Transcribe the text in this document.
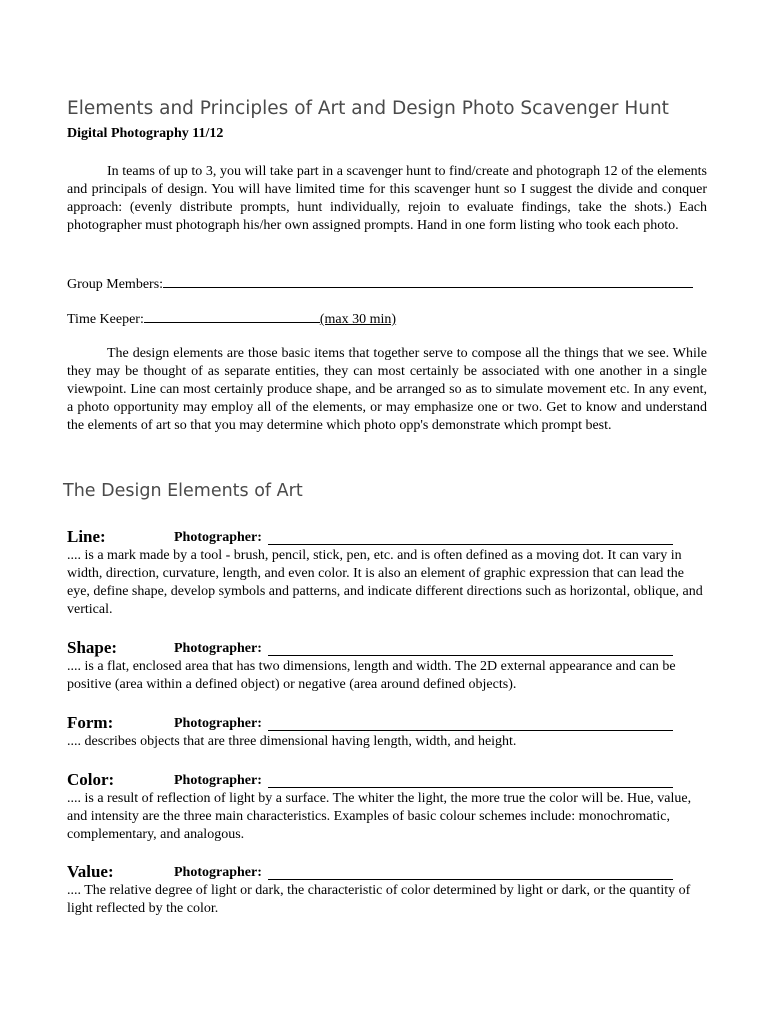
Elements and Principles of Art and Design Photo Scavenger Hunt
Digital Photography 11/12
In teams of up to 3, you will take part in a scavenger hunt to find/create and photograph 12 of the elements and principals of design. You will have limited time for this scavenger hunt so I suggest the divide and conquer approach: (evenly distribute prompts, hunt individually, rejoin to evaluate findings, take the shots.) Each photographer must photograph his/her own assigned prompts. Hand in one form listing who took each photo.
Group Members:
Time Keeper:	(max 30 min)
The design elements are those basic items that together serve to compose all the things that we see. While they may be thought of as separate entities, they can most certainly be associated with one another in a single viewpoint. Line can most certainly produce shape, and be arranged so as to simulate movement etc. In any event, a photo opportunity may employ all of the elements, or may emphasize one or two. Get to know and understand the elements of art so that you may determine which photo opp's demonstrate which prompt best.
The Design Elements of Art
Line:	Photographer:
.... is a mark made by a tool - brush, pencil, stick, pen, etc. and is often defined as a moving dot. It can vary in width, direction, curvature, length, and even color. It is also an element of graphic expression that can lead the eye, define shape, develop symbols and patterns, and indicate different directions such as horizontal, oblique, and vertical.
Shape:	Photographer:
.... is a flat, enclosed area that has two dimensions, length and width. The 2D external appearance and can be positive (area within a defined object) or negative (area around defined objects).
Form:	Photographer:
.... describes objects that are three dimensional having length, width, and height.
Color:	Photographer:
.... is a result of reflection of light by a surface. The whiter the light, the more true the color will be. Hue, value, and intensity are the three main characteristics. Examples of basic colour schemes include: monochromatic, complementary, and analogous.
Value:	Photographer:
.... The relative degree of light or dark, the characteristic of color determined by light or dark, or the quantity of light reflected by the color.
